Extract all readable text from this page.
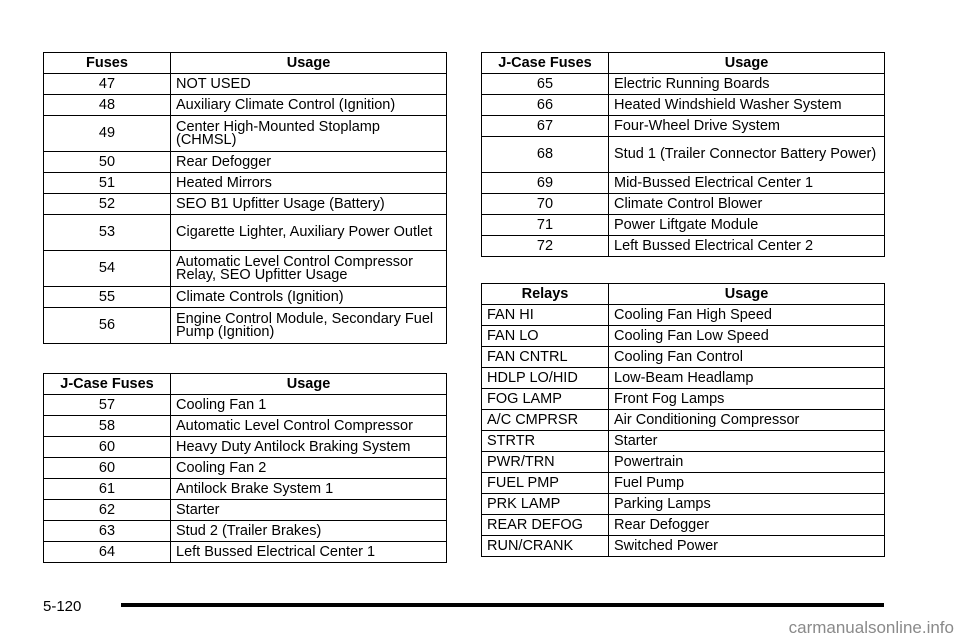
Fuses	Usage
47	NOT USED
48	Auxiliary Climate Control (Ignition)
49	Center High-Mounted Stoplamp (CHMSL)
50	Rear Defogger
51	Heated Mirrors
52	SEO B1 Upfitter Usage (Battery)
53	Cigarette Lighter, Auxiliary Power Outlet
54	Automatic Level Control Compressor Relay, SEO Upfitter Usage
55	Climate Controls (Ignition)
56	Engine Control Module, Secondary Fuel Pump (Ignition)
J-Case Fuses	Usage
57	Cooling Fan 1
58	Automatic Level Control Compressor
60	Heavy Duty Antilock Braking System
60	Cooling Fan 2
61	Antilock Brake System 1
62	Starter
63	Stud 2 (Trailer Brakes)
64	Left Bussed Electrical Center 1
J-Case Fuses	Usage
65	Electric Running Boards
66	Heated Windshield Washer System
67	Four-Wheel Drive System
68	Stud 1 (Trailer Connector Battery Power)
69	Mid-Bussed Electrical Center 1
70	Climate Control Blower
71	Power Liftgate Module
72	Left Bussed Electrical Center 2
Relays	Usage
FAN HI	Cooling Fan High Speed
FAN LO	Cooling Fan Low Speed
FAN CNTRL	Cooling Fan Control
HDLP LO/HID	Low-Beam Headlamp
FOG LAMP	Front Fog Lamps
A/C CMPRSR	Air Conditioning Compressor
STRTR	Starter
PWR/TRN	Powertrain
FUEL PMP	Fuel Pump
PRK LAMP	Parking Lamps
REAR DEFOG	Rear Defogger
RUN/CRANK	Switched Power
5-120
carmanualsonline.info
